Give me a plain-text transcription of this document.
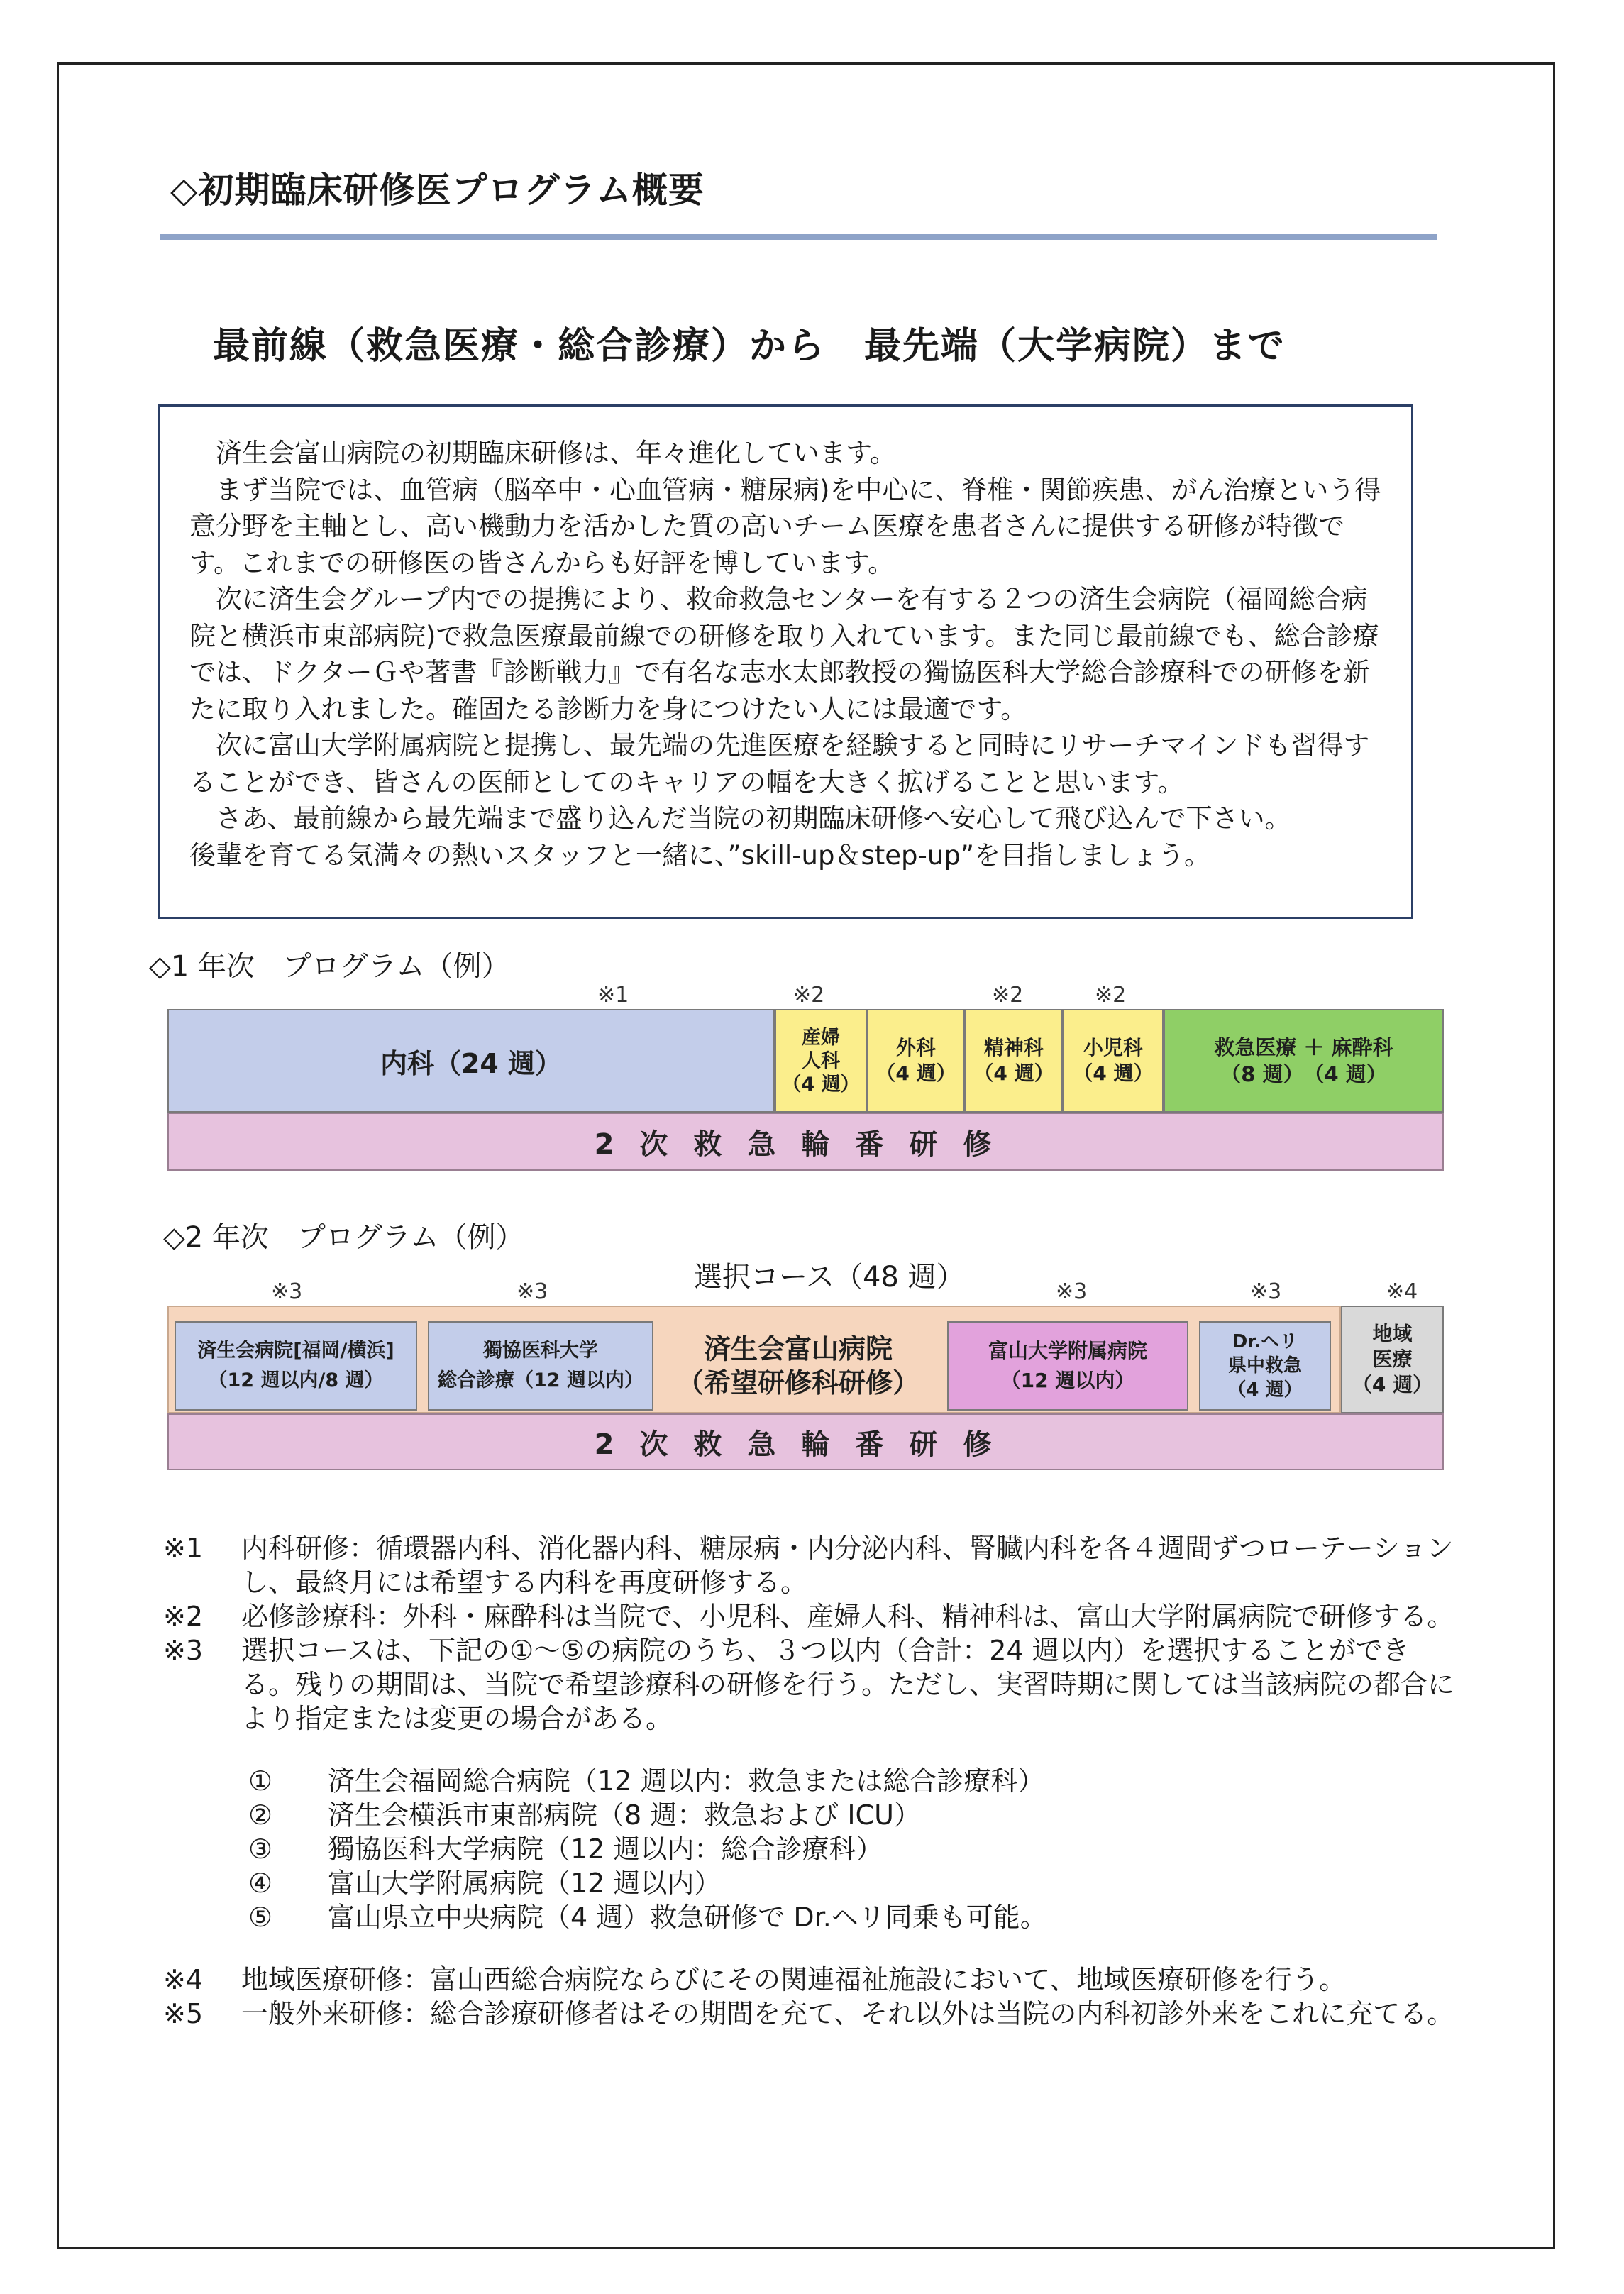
◇初期臨床研修医プログラム概要
最前線（救急医療・総合診療）から　最先端（大学病院）まで

　済生会富山病院の初期臨床研修は、年々進化しています。

　まず当院では、血管病（脳卒中・心血管病・糖尿病)を中心に、脊椎・関節疾患、がん治療という得意分野を主軸とし、高い機動力を活かした質の高いチーム医療を患者さんに提供する研修が特徴です。これまでの研修医の皆さんからも好評を博しています。

　次に済生会グループ内での提携により、救命救急センターを有する２つの済生会病院（福岡総合病院と横浜市東部病院)で救急医療最前線での研修を取り入れています。また同じ最前線でも、総合診療では、ドクターＧや著書『診断戦力』で有名な志水太郎教授の獨協医科大学総合診療科での研修を新たに取り入れました。確固たる診断力を身につけたい人には最適です。

　次に富山大学附属病院と提携し、最先端の先進医療を経験すると同時にリサーチマインドも習得することができ、皆さんの医師としてのキャリアの幅を大きく拡げることと思います。

　さあ、最前線から最先端まで盛り込んだ当院の初期臨床研修へ安心して飛び込んで下さい。

後輩を育てる気満々の熱いスタッフと一緒に、”skill-up＆step-up”を目指しましょう。

◇1 年次　プログラム（例）
※1	※2	※2	※2
内科（24 週）
産婦
人科
（4 週）
外科
（4 週）
精神科
（4 週）
小児科
（4 週）
救急医療 ＋ 麻酔科
（8 週）　（4 週）
2次救急輪番研修
◇2 年次　プログラム（例）
選択コース（48 週）
※3	※3	※3	※3	※4
済生会病院[福岡/横浜]
（12 週以内/8 週）
獨協医科大学
総合診療（12 週以内）
済生会富山病院
（希望研修科研修）
富山大学附属病院
（12 週以内）
Dr.ヘリ
県中救急
（4 週）
地域
医療
（4 週）
2次救急輪番研修
※1	内科研修：循環器内科、消化器内科、糖尿病・内分泌内科、腎臓内科を各４週間ずつローテーションし、最終月には希望する内科を再度研修する。
※2	必修診療科：外科・麻酔科は当院で、小児科、産婦人科、精神科は、富山大学附属病院で研修する。
※3	選択コースは、下記の①～⑤の病院のうち、３つ以内（合計：24 週以内）を選択することができる。残りの期間は、当院で希望診療科の研修を行う。ただし、実習時期に関しては当該病院の都合により指定または変更の場合がある。
①	済生会福岡総合病院（12 週以内：救急または総合診療科）
②	済生会横浜市東部病院（8 週：救急および ICU）
③	獨協医科大学病院（12 週以内：総合診療科）
④	富山大学附属病院（12 週以内）
⑤	富山県立中央病院（4 週）救急研修で Dr.ヘリ同乗も可能。
※4	地域医療研修：富山西総合病院ならびにその関連福祉施設において、地域医療研修を行う。
※5	一般外来研修：総合診療研修者はその期間を充て、それ以外は当院の内科初診外来をこれに充てる。
